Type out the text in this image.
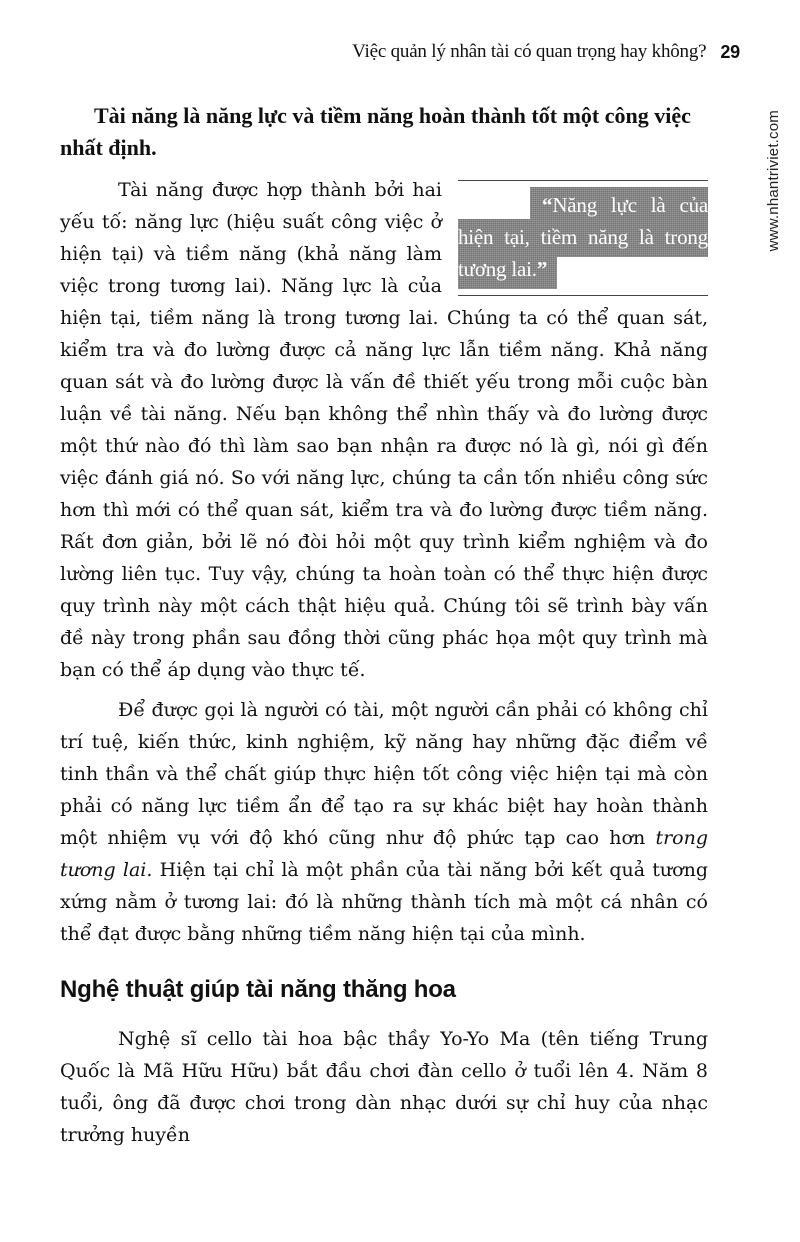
Việc quản lý nhân tài có quan trọng hay không? 29
www.nhantriviet.com
Tài năng là năng lực và tiềm năng hoàn thành tốt một công việc nhất định.

“Năng lực là của hiện tại, tiềm năng là trong tương lai.”
Tài năng được hợp thành bởi hai yếu tố: năng lực (hiệu suất công việc ở hiện tại) và tiềm năng (khả năng làm việc trong tương lai). Năng lực là của hiện tại, tiềm năng là trong tương lai. Chúng ta có thể quan sát, kiểm tra và đo lường được cả năng lực lẫn tiềm năng. Khả năng quan sát và đo lường được là vấn đề thiết yếu trong mỗi cuộc bàn luận về tài năng. Nếu bạn không thể nhìn thấy và đo lường được một thứ nào đó thì làm sao bạn nhận ra được nó là gì, nói gì đến việc đánh giá nó. So với năng lực, chúng ta cần tốn nhiều công sức hơn thì mới có thể quan sát, kiểm tra và đo lường được tiềm năng. Rất đơn giản, bởi lẽ nó đòi hỏi một quy trình kiểm nghiệm và đo lường liên tục. Tuy vậy, chúng ta hoàn toàn có thể thực hiện được quy trình này một cách thật hiệu quả. Chúng tôi sẽ trình bày vấn đề này trong phần sau đồng thời cũng phác họa một quy trình mà bạn có thể áp dụng vào thực tế.

Để được gọi là người có tài, một người cần phải có không chỉ trí tuệ, kiến thức, kinh nghiệm, kỹ năng hay những đặc điểm về tinh thần và thể chất giúp thực hiện tốt công việc hiện tại mà còn phải có năng lực tiềm ẩn để tạo ra sự khác biệt hay hoàn thành một nhiệm vụ với độ khó cũng như độ phức tạp cao hơn trong tương lai. Hiện tại chỉ là một phần của tài năng bởi kết quả tương xứng nằm ở tương lai: đó là những thành tích mà một cá nhân có thể đạt được bằng những tiềm năng hiện tại của mình.

Nghệ thuật giúp tài năng thăng hoa

Nghệ sĩ cello tài hoa bậc thầy Yo-Yo Ma (tên tiếng Trung Quốc là Mã Hữu Hữu) bắt đầu chơi đàn cello ở tuổi lên 4. Năm 8 tuổi, ông đã được chơi trong dàn nhạc dưới sự chỉ huy của nhạc trưởng huyền
